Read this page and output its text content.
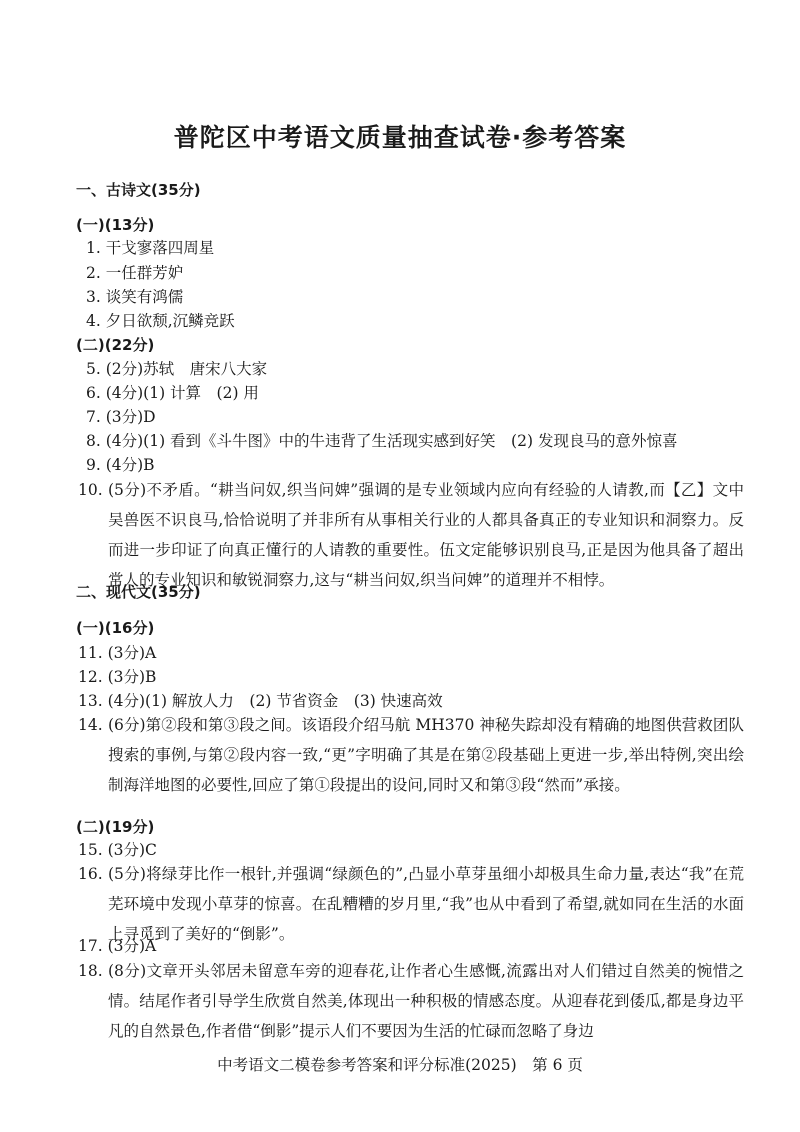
普陀区中考语文质量抽查试卷·参考答案
一、古诗文(35分)
(一)(13分)
1. 干戈寥落四周星
2. 一任群芳妒
3. 谈笑有鸿儒
4. 夕日欲颓,沉鳞竞跃
(二)(22分)
5. (2分)苏轼　唐宋八大家
6. (4分)(1) 计算　(2) 用
7. (3分)D
8. (4分)(1) 看到《斗牛图》中的牛违背了生活现实感到好笑　(2) 发现良马的意外惊喜
9. (4分)B
10. (5分)不矛盾。“耕当问奴,织当问婢”强调的是专业领域内应向有经验的人请教,而【乙】文中吴兽医不识良马,恰恰说明了并非所有从事相关行业的人都具备真正的专业知识和洞察力。反而进一步印证了向真正懂行的人请教的重要性。伍文定能够识别良马,正是因为他具备了超出常人的专业知识和敏锐洞察力,这与“耕当问奴,织当问婢”的道理并不相悖。
二、现代文(35分)
(一)(16分)
11. (3分)A
12. (3分)B
13. (4分)(1) 解放人力　(2) 节省资金　(3) 快速高效
14. (6分)第②段和第③段之间。该语段介绍马航 MH370 神秘失踪却没有精确的地图供营救团队搜索的事例,与第②段内容一致,“更”字明确了其是在第②段基础上更进一步,举出特例,突出绘制海洋地图的必要性,回应了第①段提出的设问,同时又和第③段“然而”承接。
(二)(19分)
15. (3分)C
16. (5分)将绿芽比作一根针,并强调“绿颜色的”,凸显小草芽虽细小却极具生命力量,表达“我”在荒芜环境中发现小草芽的惊喜。在乱糟糟的岁月里,“我”也从中看到了希望,就如同在生活的水面上寻觅到了美好的“倒影”。
17. (3分)A
18. (8分)文章开头邻居未留意车旁的迎春花,让作者心生感慨,流露出对人们错过自然美的惋惜之情。结尾作者引导学生欣赏自然美,体现出一种积极的情感态度。从迎春花到倭瓜,都是身边平凡的自然景色,作者借“倒影”提示人们不要因为生活的忙碌而忽略了身边
中考语文二模卷参考答案和评分标准(2025)　第 6 页
